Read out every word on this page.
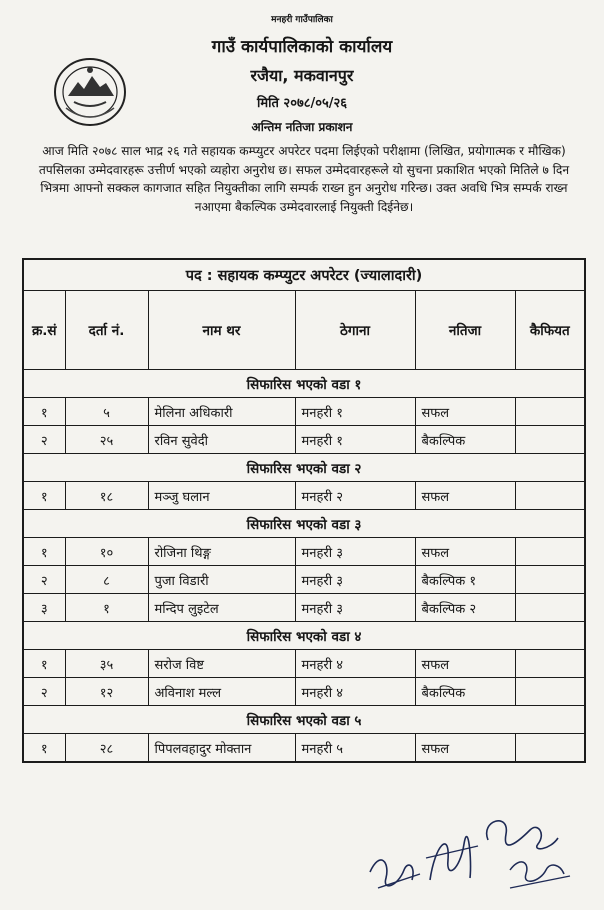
मनहरी गाउँपालिका
गाउँ कार्यपालिकाको कार्यालय
रजैया, मकवानपुर
मिति २०७८/०५/२६
अन्तिम नतिजा प्रकाशन
आज मिति २०७८ साल भाद्र २६ गते सहायक कम्प्युटर अपरेटर पदमा लिईएको परीक्षामा (लिखित, प्रयोगात्मक र मौखिक) तपसिलका उम्मेदवारहरू उत्तीर्ण भएको व्यहोरा अनुरोध छ। सफल उम्मेदवारहरूले यो सुचना प्रकाशित भएको मितिले ७ दिन भित्रमा आफ्नो सक्कल कागजात सहित नियुक्तीका लागि सम्पर्क राख्न हुन अनुरोध गरिन्छ। उक्त अवधि भित्र सम्पर्क राख्न नआएमा बैकल्पिक उम्मेदवारलाई नियुक्ती दिईनेछ।
पद : सहायक कम्प्युटर अपरेटर (ज्यालादारी)					
क्र.सं	दर्ता नं.	नाम थर	ठेगाना	नतिजा	कैफियत
सिफारिस भएको वडा १					
१	५	मेलिना अधिकारी	मनहरी १	सफल	
२	२५	रविन सुवेदी	मनहरी १	बैकल्पिक	
सिफारिस भएको वडा २					
१	१८	मञ्जु घलान	मनहरी २	सफल	
सिफारिस भएको वडा ३					
१	१०	रोजिना थिङ्ग	मनहरी ३	सफल	
२	८	पुजा विडारी	मनहरी ३	बैकल्पिक १	
३	१	मन्दिप लुइटेल	मनहरी ३	बैकल्पिक २	
सिफारिस भएको वडा ४					
१	३५	सरोज विष्ट	मनहरी ४	सफल	
२	१२	अविनाश मल्ल	मनहरी ४	बैकल्पिक	
सिफारिस भएको वडा ५					
१	२८	पिपलवहादुर मोक्तान	मनहरी ५	सफल	
